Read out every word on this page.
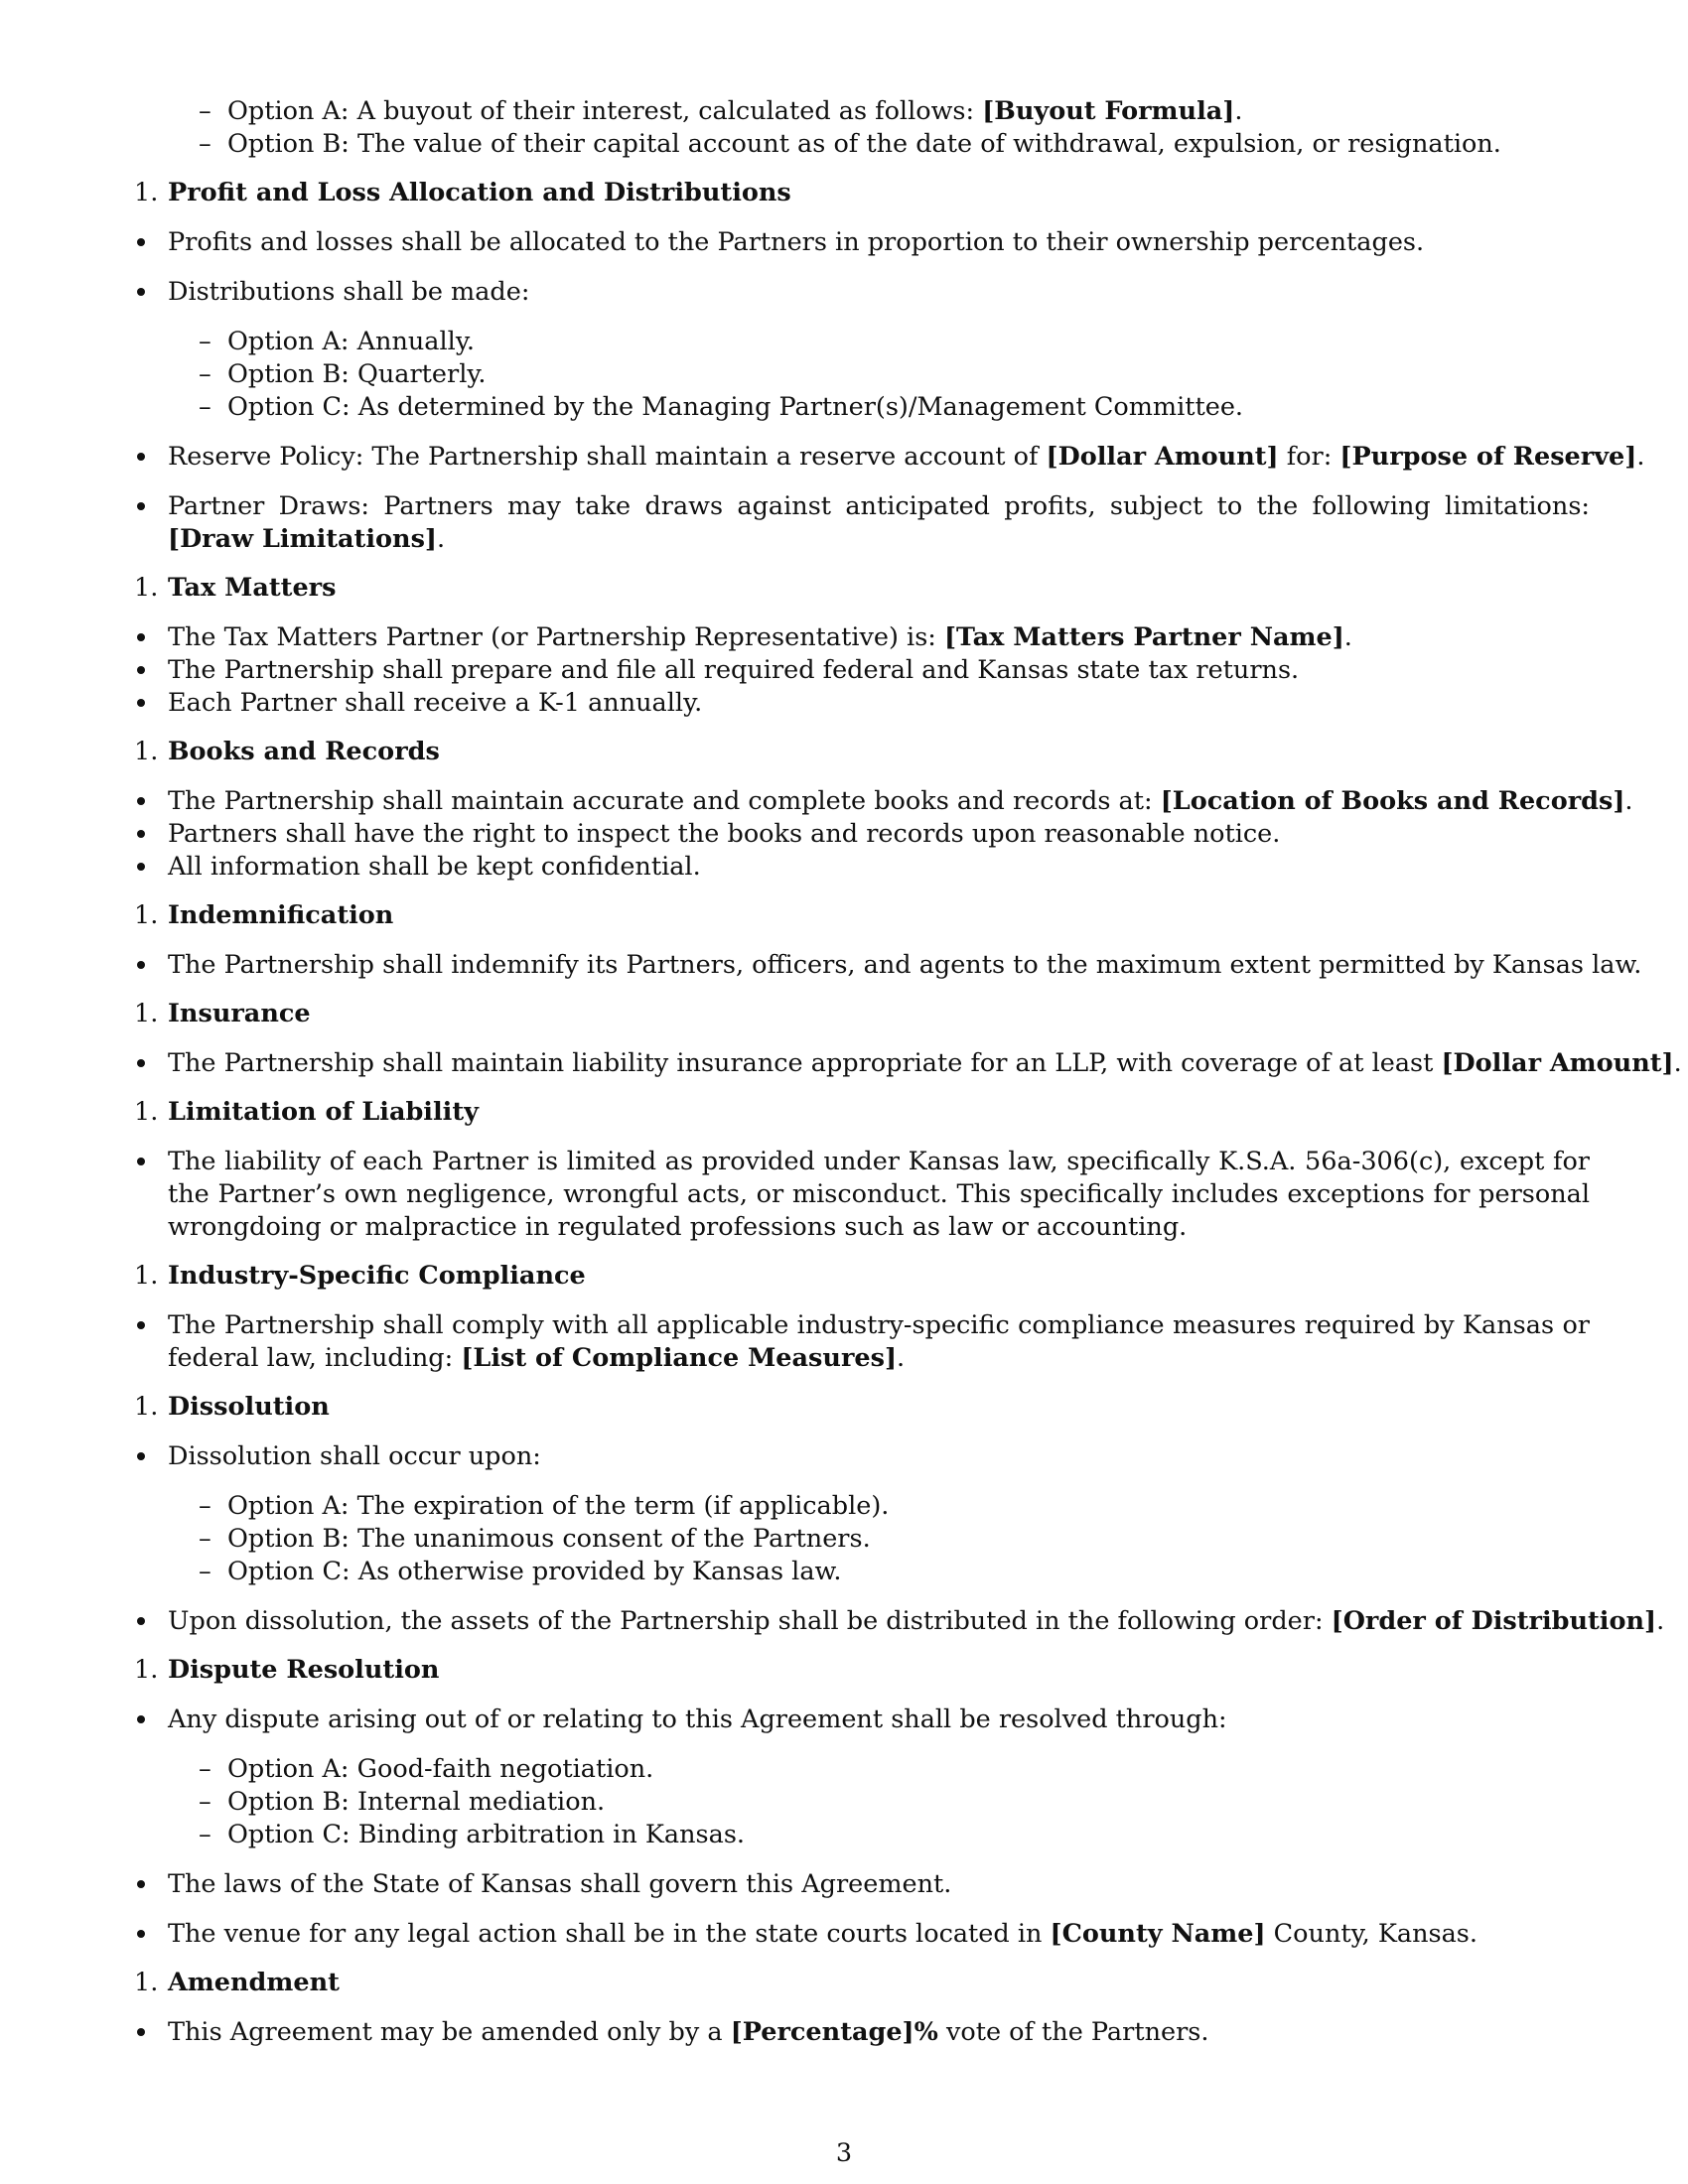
– Option A: A buyout of their interest, calculated as follows: [Buyout Formula].
– Option B: The value of their capital account as of the date of withdrawal, expulsion, or resignation.
1. Profit and Loss Allocation and Distributions
Profits and losses shall be allocated to the Partners in proportion to their ownership percentages.
Distributions shall be made:
– Option A: Annually.
– Option B: Quarterly.
– Option C: As determined by the Managing Partner(s)/Management Committee.
Reserve Policy: The Partnership shall maintain a reserve account of [Dollar Amount] for: [Purpose of Reserve].
Partner Draws: Partners may take draws against anticipated profits, subject to the following limitations: [Draw Limitations].
1. Tax Matters
The Tax Matters Partner (or Partnership Representative) is: [Tax Matters Partner Name].
The Partnership shall prepare and file all required federal and Kansas state tax returns.
Each Partner shall receive a K-1 annually.
1. Books and Records
The Partnership shall maintain accurate and complete books and records at: [Location of Books and Records].
Partners shall have the right to inspect the books and records upon reasonable notice.
All information shall be kept confidential.
1. Indemnification
The Partnership shall indemnify its Partners, officers, and agents to the maximum extent permitted by Kansas law.
1. Insurance
The Partnership shall maintain liability insurance appropriate for an LLP, with coverage of at least [Dollar Amount].
1. Limitation of Liability
The liability of each Partner is limited as provided under Kansas law, specifically K.S.A. 56a-306(c), except for the Partner’s own negligence, wrongful acts, or misconduct. This specifically includes exceptions for personal wrongdoing or malpractice in regulated professions such as law or accounting.
1. Industry-Specific Compliance
The Partnership shall comply with all applicable industry-specific compliance measures required by Kansas or federal law, including: [List of Compliance Measures].
1. Dissolution
Dissolution shall occur upon:
– Option A: The expiration of the term (if applicable).
– Option B: The unanimous consent of the Partners.
– Option C: As otherwise provided by Kansas law.
Upon dissolution, the assets of the Partnership shall be distributed in the following order: [Order of Distribution].
1. Dispute Resolution
Any dispute arising out of or relating to this Agreement shall be resolved through:
– Option A: Good-faith negotiation.
– Option B: Internal mediation.
– Option C: Binding arbitration in Kansas.
The laws of the State of Kansas shall govern this Agreement.
The venue for any legal action shall be in the state courts located in [County Name] County, Kansas.
1. Amendment
This Agreement may be amended only by a [Percentage]% vote of the Partners.
3
